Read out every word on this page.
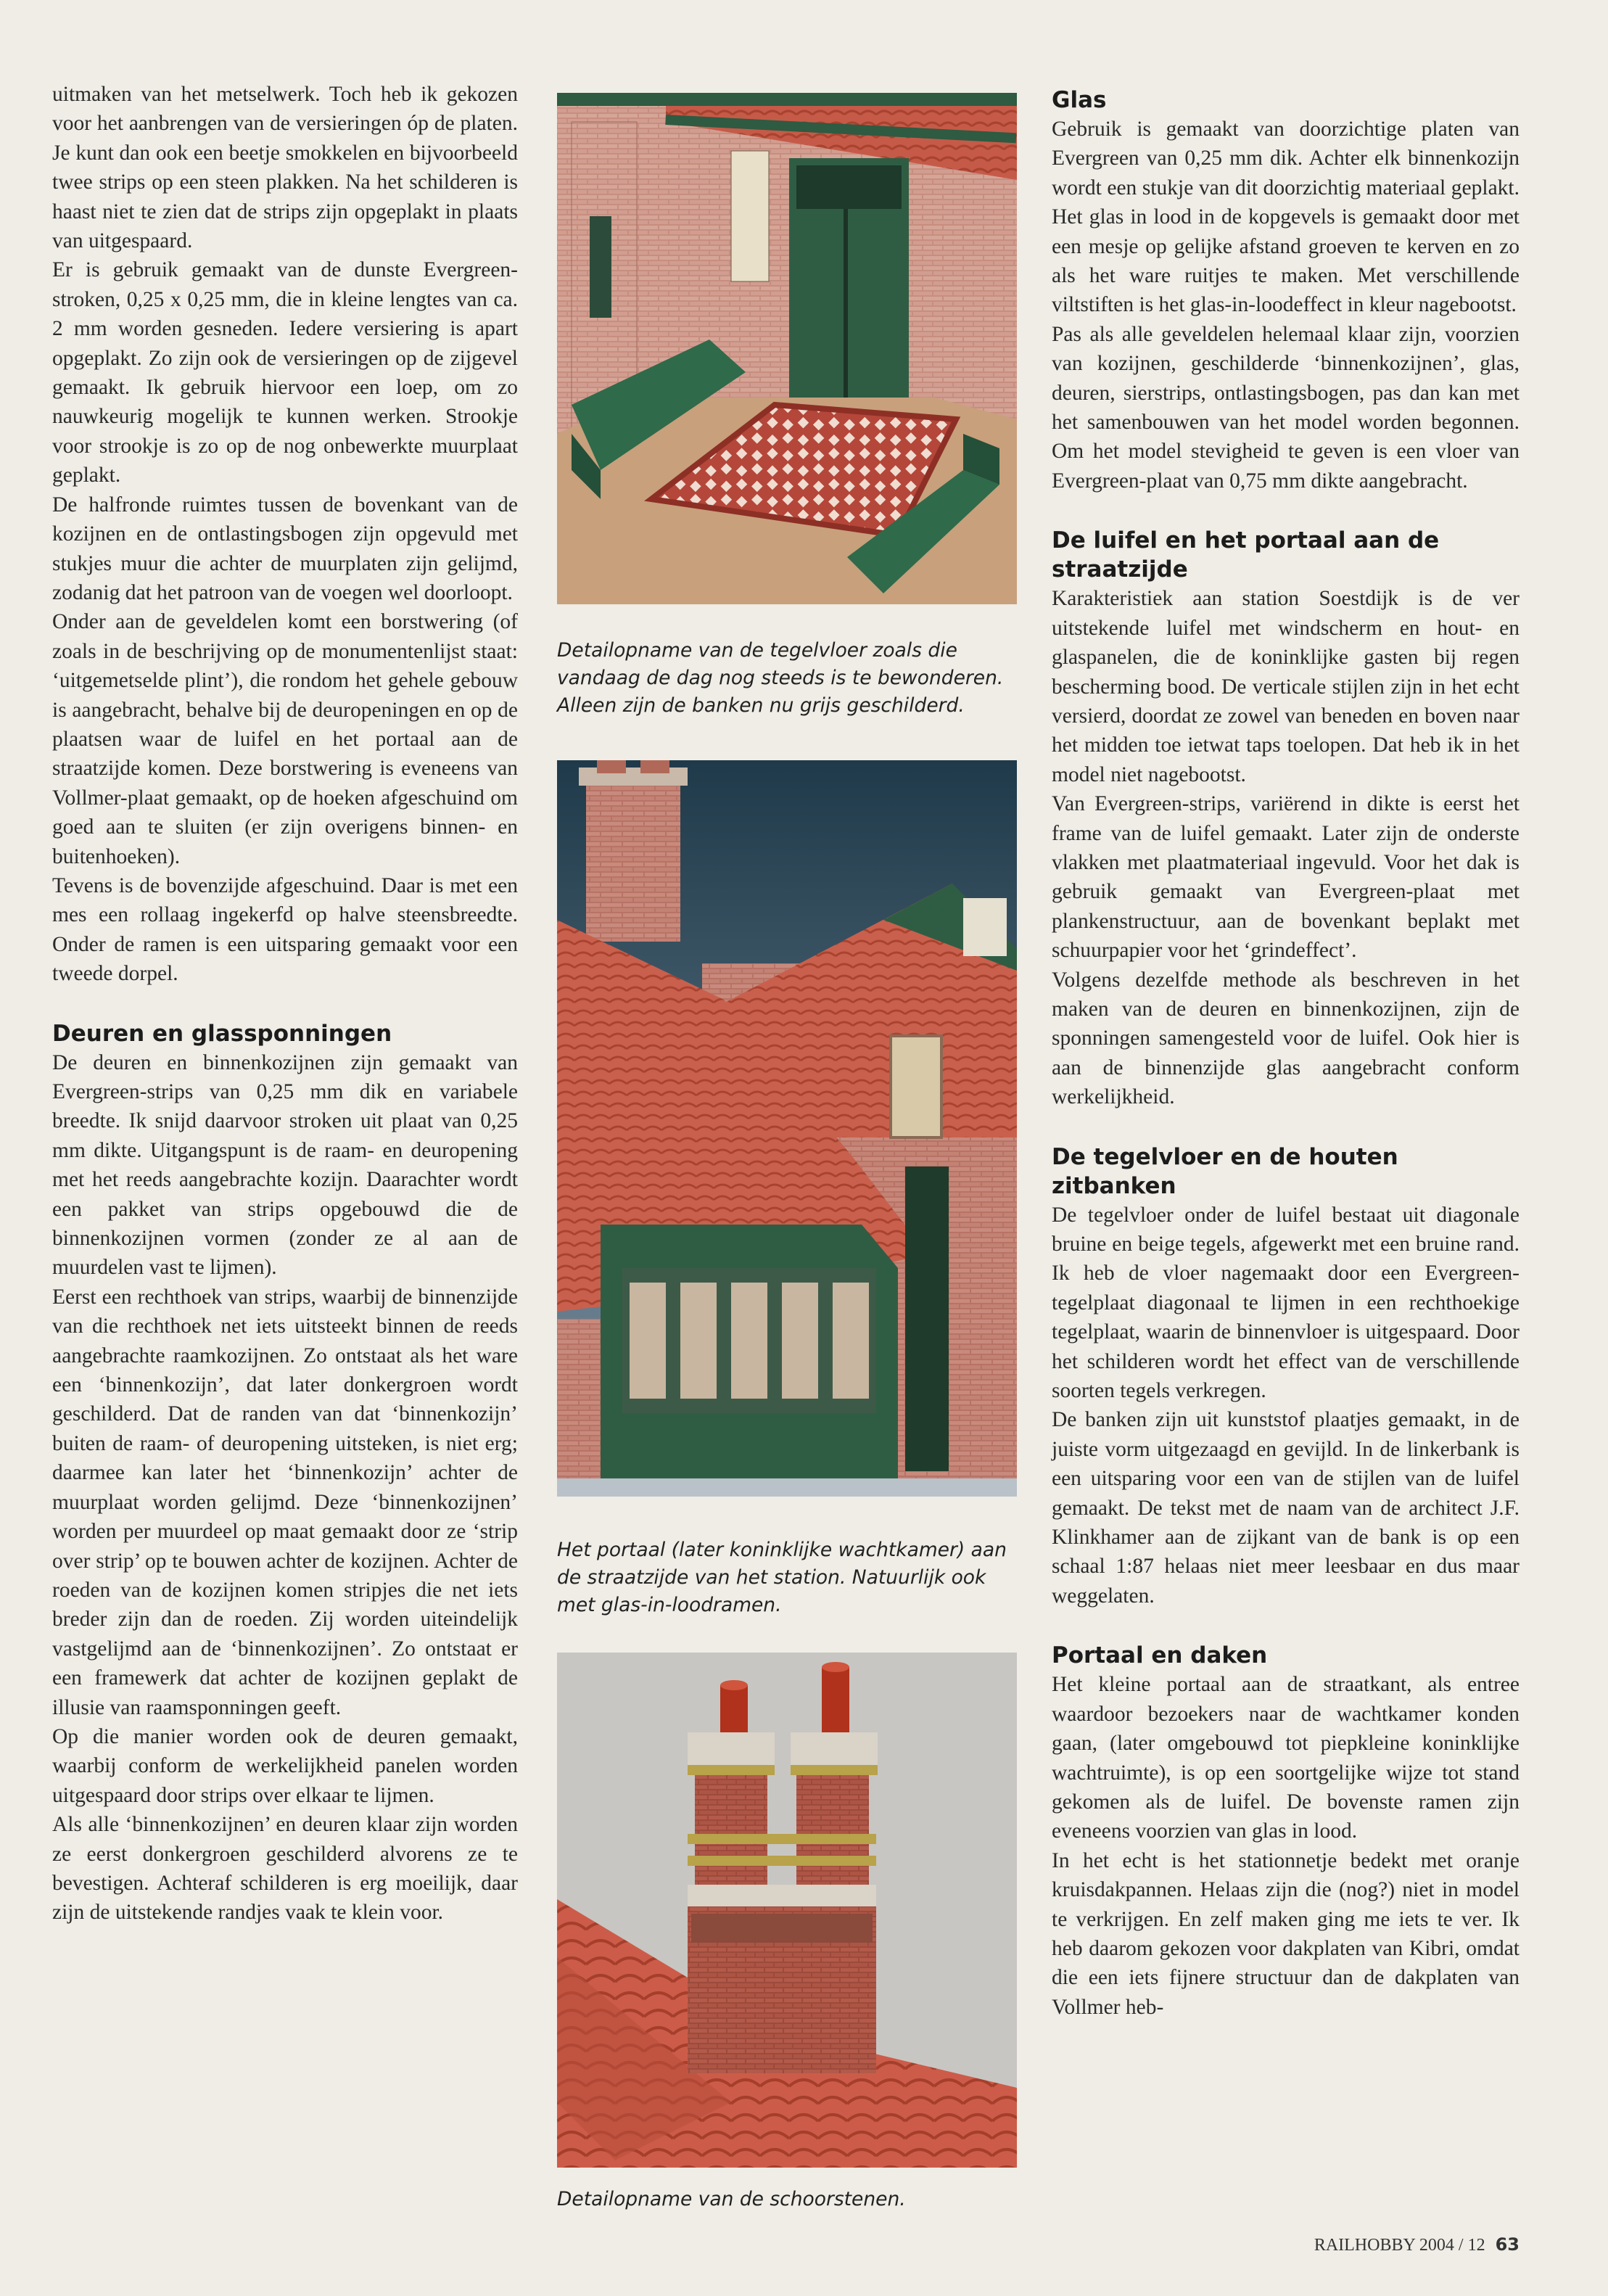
uitmaken van het metselwerk. Toch heb ik gekozen voor het aanbrengen van de versieringen óp de platen. Je kunt dan ook een beetje smokkelen en bijvoorbeeld twee strips op een steen plakken. Na het schilderen is haast niet te zien dat de strips zijn opgeplakt in plaats van uitgespaard.

Er is gebruik gemaakt van de dunste Evergreen-stroken, 0,25 x 0,25 mm, die in kleine lengtes van ca. 2 mm worden gesneden. Iedere versiering is apart opgeplakt. Zo zijn ook de versieringen op de zijgevel gemaakt. Ik gebruik hiervoor een loep, om zo nauwkeurig mogelijk te kunnen werken. Strookje voor strookje is zo op de nog onbewerkte muurplaat geplakt.

De halfronde ruimtes tussen de bovenkant van de kozijnen en de ontlastingsbogen zijn opgevuld met stukjes muur die achter de muurplaten zijn gelijmd, zodanig dat het patroon van de voegen wel doorloopt.

Onder aan de geveldelen komt een borstwering (of zoals in de beschrijving op de monumentenlijst staat: ‘uitgemetselde plint’), die rondom het gehele gebouw is aangebracht, behalve bij de deuropeningen en op de plaatsen waar de luifel en het portaal aan de straatzijde komen. Deze borstwering is eveneens van Vollmer-plaat gemaakt, op de hoeken afgeschuind om goed aan te sluiten (er zijn overigens binnen- en buitenhoeken).

Tevens is de bovenzijde afgeschuind. Daar is met een mes een rollaag ingekerfd op halve steensbreedte. Onder de ramen is een uitsparing gemaakt voor een tweede dorpel.

Deuren en glassponningen

De deuren en binnenkozijnen zijn gemaakt van Evergreen-strips van 0,25 mm dik en variabele breedte. Ik snijd daarvoor stroken uit plaat van 0,25 mm dikte. Uitgangspunt is de raam- en deuropening met het reeds aangebrachte kozijn. Daarachter wordt een pakket van strips opgebouwd die de binnenkozijnen vormen (zonder ze al aan de muurdelen vast te lijmen).

Eerst een rechthoek van strips, waarbij de binnenzijde van die rechthoek net iets uitsteekt binnen de reeds aangebrachte raamkozijnen. Zo ontstaat als het ware een ‘binnenkozijn’, dat later donkergroen wordt geschilderd. Dat de randen van dat ‘binnenkozijn’ buiten de raam- of deuropening uitsteken, is niet erg; daarmee kan later het ‘binnenkozijn’ achter de muurplaat worden gelijmd. Deze ‘binnenkozijnen’ worden per muurdeel op maat gemaakt door ze ‘strip over strip’ op te bouwen achter de kozijnen. Achter de roeden van de kozijnen komen stripjes die net iets breder zijn dan de roeden. Zij worden uiteindelijk vastgelijmd aan de ‘binnenkozijnen’. Zo ontstaat er een framewerk dat achter de kozijnen geplakt de illusie van raamsponningen geeft.

Op die manier worden ook de deuren gemaakt, waarbij conform de werkelijkheid panelen worden uitgespaard door strips over elkaar te lijmen.

Als alle ‘binnenkozijnen’ en deuren klaar zijn worden ze eerst donkergroen geschilderd alvorens ze te bevestigen. Achteraf schilderen is erg moeilijk, daar zijn de uitstekende randjes vaak te klein voor.

Detailopname van de tegelvloer zoals die vandaag de dag nog steeds is te bewonderen. Alleen zijn de banken nu grijs geschilderd.
Het portaal (later koninklijke wachtkamer) aan de straatzijde van het station. Natuurlijk ook met glas-in-loodramen.
Detailopname van de schoorstenen.
Glas

Gebruik is gemaakt van doorzichtige platen van Evergreen van 0,25 mm dik. Achter elk binnenkozijn wordt een stukje van dit doorzichtig materiaal geplakt. Het glas in lood in de kopgevels is gemaakt door met een mesje op gelijke afstand groeven te kerven en zo als het ware ruitjes te maken. Met verschillende viltstiften is het glas-in-loodeffect in kleur nagebootst.

Pas als alle geveldelen helemaal klaar zijn, voorzien van kozijnen, geschilderde ‘binnenkozijnen’, glas, deuren, sierstrips, ontlastingsbogen, pas dan kan met het samenbouwen van het model worden begonnen. Om het model stevigheid te geven is een vloer van Evergreen-plaat van 0,75 mm dikte aangebracht.

De luifel en het portaal aan de straatzijde

Karakteristiek aan station Soestdijk is de ver uitstekende luifel met windscherm en hout- en glaspanelen, die de koninklijke gasten bij regen bescherming bood. De verticale stijlen zijn in het echt versierd, doordat ze zowel van beneden en boven naar het midden toe ietwat taps toelopen. Dat heb ik in het model niet nagebootst.

Van Evergreen-strips, variërend in dikte is eerst het frame van de luifel gemaakt. Later zijn de onderste vlakken met plaatmateriaal ingevuld. Voor het dak is gebruik gemaakt van Evergreen-plaat met plankenstructuur, aan de bovenkant beplakt met schuurpapier voor het ‘grindeffect’.

Volgens dezelfde methode als beschreven in het maken van de deuren en binnenkozijnen, zijn de sponningen samengesteld voor de luifel. Ook hier is aan de binnenzijde glas aangebracht conform werkelijkheid.

De tegelvloer en de houten zitbanken

De tegelvloer onder de luifel bestaat uit diagonale bruine en beige tegels, afgewerkt met een bruine rand. Ik heb de vloer nagemaakt door een Evergreen-tegelplaat diagonaal te lijmen in een rechthoekige tegelplaat, waarin de binnenvloer is uitgespaard. Door het schilderen wordt het effect van de verschillende soorten tegels verkregen.

De banken zijn uit kunststof plaatjes gemaakt, in de juiste vorm uitgezaagd en gevijld. In de linkerbank is een uitsparing voor een van de stijlen van de luifel gemaakt. De tekst met de naam van de architect J.F. Klinkhamer aan de zijkant van de bank is op een schaal 1:87 helaas niet meer leesbaar en dus maar weggelaten.

Portaal en daken

Het kleine portaal aan de straatkant, als entree waardoor bezoekers naar de wachtkamer konden gaan, (later omgebouwd tot piepkleine koninklijke wachtruimte), is op een soortgelijke wijze tot stand gekomen als de luifel. De bovenste ramen zijn eveneens voorzien van glas in lood.

In het echt is het stationnetje bedekt met oranje kruisdakpannen. Helaas zijn die (nog?) niet in model te verkrijgen. En zelf maken ging me iets te ver. Ik heb daarom gekozen voor dakplaten van Kibri, omdat die een iets fijnere structuur dan de dakplaten van Vollmer heb-

RAILHOBBY 2004 / 12 63
